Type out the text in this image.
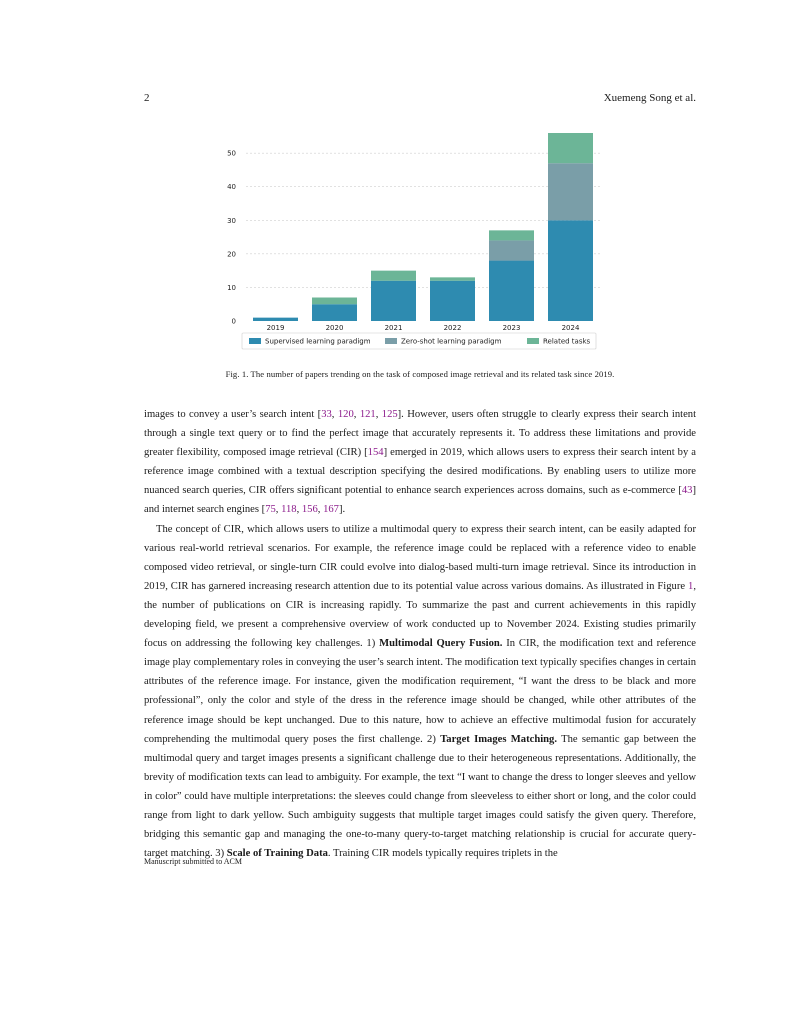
2	Xuemeng Song et al.
0
10
20
30
40
50
2019	2020	2021	2022	2023	2024
Supervised learning paradigm	Zero-shot learning paradigm	Related tasks
Fig. 1. The number of papers trending on the task of composed image retrieval and its related task since 2019.

images to convey a user’s search intent [33, 120, 121, 125]. However, users often struggle to clearly express their search intent through a single text query or to find the perfect image that accurately represents it. To address these limitations and provide greater flexibility, composed image retrieval (CIR) [154] emerged in 2019, which allows users to express their search intent by a reference image combined with a textual description specifying the desired modifications. By enabling users to utilize more nuanced search queries, CIR offers significant potential to enhance search experiences across domains, such as e-commerce [43] and internet search engines [75, 118, 156, 167].

The concept of CIR, which allows users to utilize a multimodal query to express their search intent, can be easily adapted for various real-world retrieval scenarios. For example, the reference image could be replaced with a reference video to enable composed video retrieval, or single-turn CIR could evolve into dialog-based multi-turn image retrieval. Since its introduction in 2019, CIR has garnered increasing research attention due to its potential value across various domains. As illustrated in Figure 1, the number of publications on CIR is increasing rapidly. To summarize the past and current achievements in this rapidly developing field, we present a comprehensive overview of work conducted up to November 2024. Existing studies primarily focus on addressing the following key challenges. 1) Multimodal Query Fusion. In CIR, the modification text and reference image play complementary roles in conveying the user’s search intent. The modification text typically specifies changes in certain attributes of the reference image. For instance, given the modification requirement, “I want the dress to be black and more professional”, only the color and style of the dress in the reference image should be changed, while other attributes of the reference image should be kept unchanged. Due to this nature, how to achieve an effective multimodal fusion for accurately comprehending the multimodal query poses the first challenge. 2) Target Images Matching. The semantic gap between the multimodal query and target images presents a significant challenge due to their heterogeneous representations. Additionally, the brevity of modification texts can lead to ambiguity. For example, the text “I want to change the dress to longer sleeves and yellow in color” could have multiple interpretations: the sleeves could change from sleeveless to either short or long, and the color could range from light to dark yellow. Such ambiguity suggests that multiple target images could satisfy the given query. Therefore, bridging this semantic gap and managing the one-to-many query-to-target matching relationship is crucial for accurate query-target matching. 3) Scale of Training Data. Training CIR models typically requires triplets in the

Manuscript submitted to ACM
